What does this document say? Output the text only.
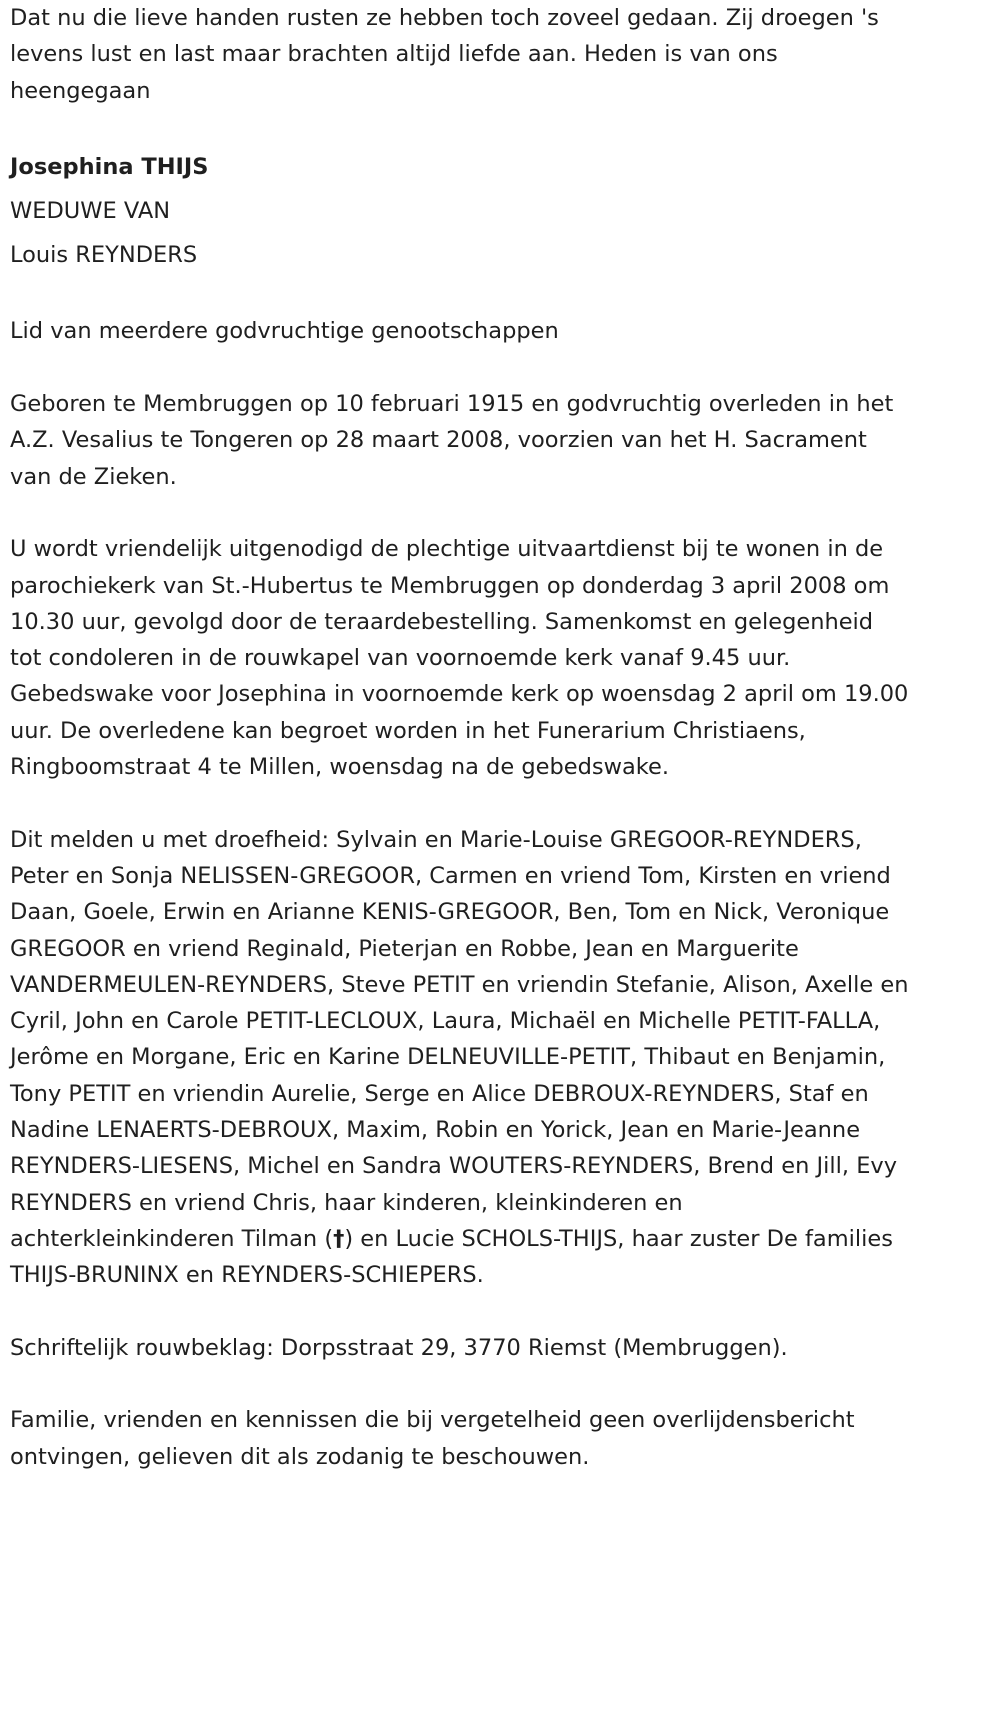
Dat nu die lieve handen rusten ze hebben toch zoveel gedaan. Zij droegen 's levens lust en last maar brachten altijd liefde aan. Heden is van ons heengegaan

Josephina THIJS

WEDUWE VAN

Louis REYNDERS

Lid van meerdere godvruchtige genootschappen

Geboren te Membruggen op 10 februari 1915 en godvruchtig overleden in het A.Z. Vesalius te Tongeren op 28 maart 2008, voorzien van het H. Sacrament van de Zieken.

U wordt vriendelijk uitgenodigd de plechtige uitvaartdienst bij te wonen in de parochiekerk van St.-Hubertus te Membruggen op donderdag 3 april 2008 om 10.30 uur, gevolgd door de teraardebestelling. Samenkomst en gelegenheid tot condoleren in de rouwkapel van voornoemde kerk vanaf 9.45 uur. Gebedswake voor Josephina in voornoemde kerk op woensdag 2 april om 19.00 uur. De overledene kan begroet worden in het Funerarium Christiaens, Ringboomstraat 4 te Millen, woensdag na de gebedswake.

Dit melden u met droefheid: Sylvain en Marie-Louise GREGOOR-REYNDERS, Peter en Sonja NELISSEN-GREGOOR, Carmen en vriend Tom, Kirsten en vriend Daan, Goele, Erwin en Arianne KENIS-GREGOOR, Ben, Tom en Nick, Veronique GREGOOR en vriend Reginald, Pieterjan en Robbe, Jean en Marguerite VANDERMEULEN-REYNDERS, Steve PETIT en vriendin Stefanie, Alison, Axelle en Cyril, John en Carole PETIT-LECLOUX, Laura, Michaël en Michelle PETIT-FALLA, Jerôme en Morgane, Eric en Karine DELNEUVILLE-PETIT, Thibaut en Benjamin, Tony PETIT en vriendin Aurelie, Serge en Alice DEBROUX-REYNDERS, Staf en Nadine LENAERTS-DEBROUX, Maxim, Robin en Yorick, Jean en Marie-Jeanne REYNDERS-LIESENS, Michel en Sandra WOUTERS-REYNDERS, Brend en Jill, Evy REYNDERS en vriend Chris, haar kinderen, kleinkinderen en achterkleinkinderen Tilman (†) en Lucie SCHOLS-THIJS, haar zuster De families THIJS-BRUNINX en REYNDERS-SCHIEPERS.

Schriftelijk rouwbeklag: Dorpsstraat 29, 3770 Riemst (Membruggen).

Familie, vrienden en kennissen die bij vergetelheid geen overlijdensbericht ontvingen, gelieven dit als zodanig te beschouwen.
